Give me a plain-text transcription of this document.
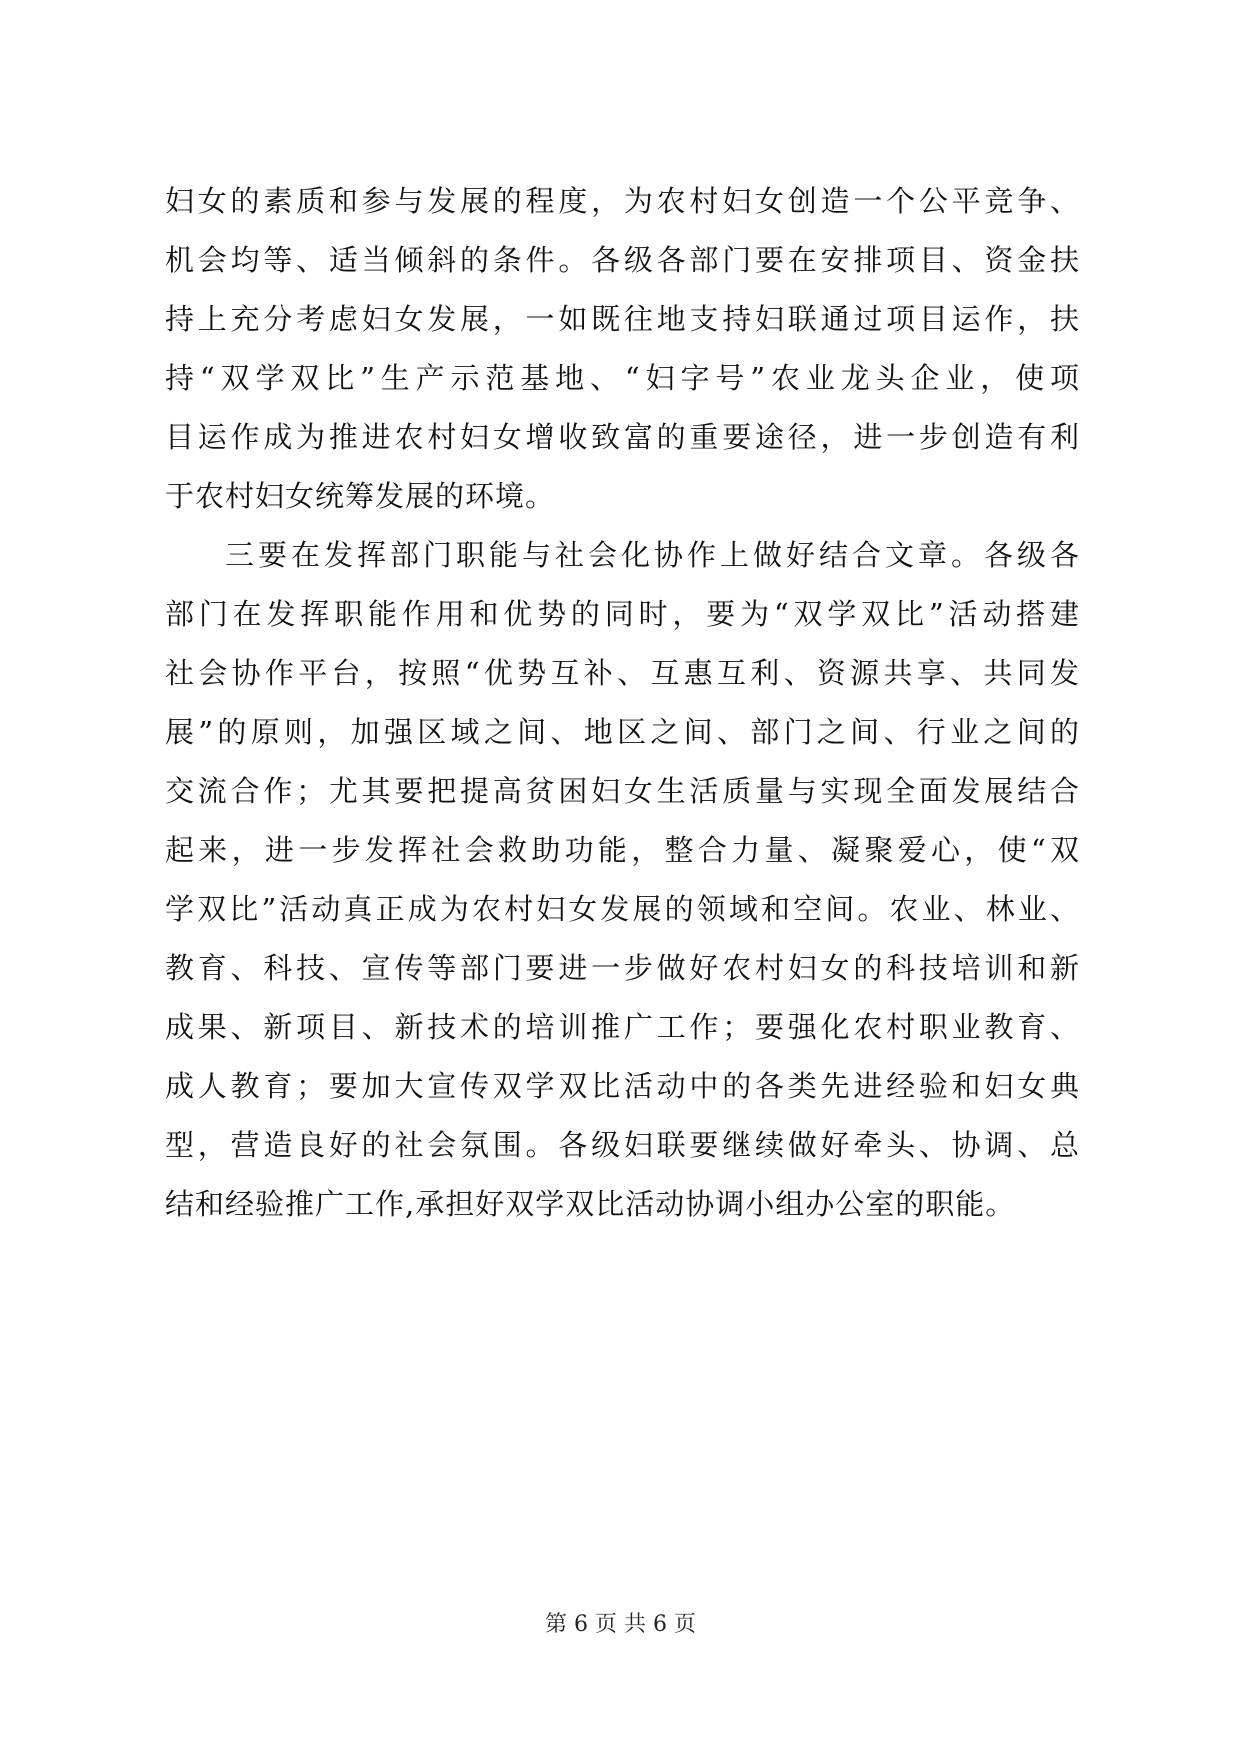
妇女的素质和参与发展的程度，为农村妇女创造一个公平竞争、
机会均等、适当倾斜的条件。各级各部门要在安排项目、资金扶
持上充分考虑妇女发展，一如既往地支持妇联通过项目运作，扶
持“双学双比”生产示范基地、“妇字号”农业龙头企业，使项
目运作成为推进农村妇女增收致富的重要途径，进一步创造有利
于农村妇女统筹发展的环境。
三要在发挥部门职能与社会化协作上做好结合文章。各级各
部门在发挥职能作用和优势的同时，要为“双学双比”活动搭建
社会协作平台，按照“优势互补、互惠互利、资源共享、共同发
展”的原则，加强区域之间、地区之间、部门之间、行业之间的
交流合作；尤其要把提高贫困妇女生活质量与实现全面发展结合
起来，进一步发挥社会救助功能，整合力量、凝聚爱心，使“双
学双比”活动真正成为农村妇女发展的领域和空间。农业、林业、
教育、科技、宣传等部门要进一步做好农村妇女的科技培训和新
成果、新项目、新技术的培训推广工作；要强化农村职业教育、
成人教育；要加大宣传双学双比活动中的各类先进经验和妇女典
型，营造良好的社会氛围。各级妇联要继续做好牵头、协调、总
结和经验推广工作,承担好双学双比活动协调小组办公室的职能。
第 6 页 共 6 页
